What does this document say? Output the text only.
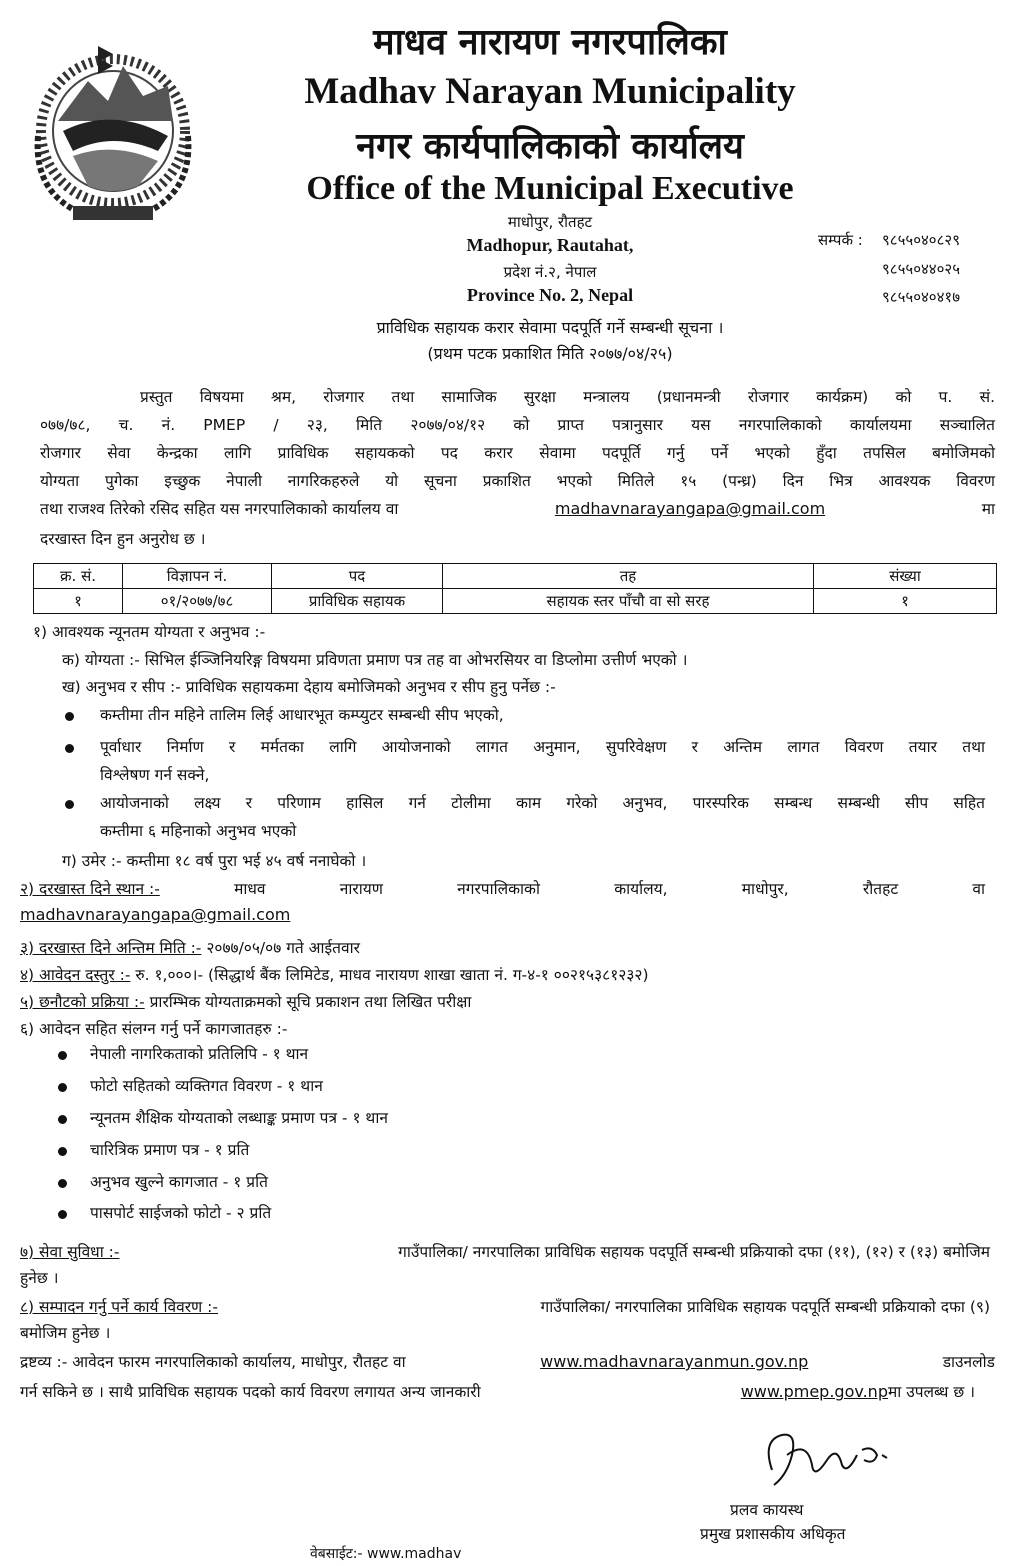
माधव नारायण नगरपालिका
Madhav Narayan Municipality
नगर कार्यपालिकाको कार्यालय
Office of the Municipal Executive
माधोपुर, रौतहट
Madhopur, Rautahat,
प्रदेश नं.२, नेपाल
Province No. 2, Nepal
सम्पर्क : ९८५५०४०८२९
९८५५०४४०२५
९८५५०४०४१७
प्राविधिक सहायक करार सेवामा पदपूर्ति गर्ने सम्बन्धी सूचना ।
(प्रथम पटक प्रकाशित मिति २०७७/०४/२५)
प्रस्तुत विषयमा श्रम, रोजगार तथा सामाजिक सुरक्षा मन्त्रालय (प्रधानमन्त्री रोजगार कार्यक्रम) को प. सं.
०७७/७८, च. नं. PMEP / २३, मिति २०७७/०४/१२ को प्राप्त पत्रानुसार यस नगरपालिकाको कार्यालयमा सञ्चालित
रोजगार सेवा केन्द्रका लागि प्राविधिक सहायकको पद करार सेवामा पदपूर्ति गर्नु पर्ने भएको हुँदा तपसिल बमोजिमको
योग्यता पुगेका इच्छुक नेपाली नागरिकहरुले यो सूचना प्रकाशित भएको मितिले १५ (पन्ध्र) दिन भित्र आवश्यक विवरण
तथा राजश्व तिरेको रसिद सहित यस नगरपालिकाको कार्यालय वा	madhavnarayangapa@gmail.com	मा
दरखास्त दिन हुन अनुरोध छ ।
क्र. सं.	विज्ञापन नं.	पद	तह	संख्या
१	०१/२०७७/७८	प्राविधिक सहायक	सहायक स्तर पाँचौ वा सो सरह	१
१) आवश्यक न्यूनतम योग्यता र अनुभव :-
क) योग्यता :- सिभिल ईञ्जिनियरिङ्ग विषयमा प्रविणता प्रमाण पत्र तह वा ओभरसियर वा डिप्लोमा उत्तीर्ण भएको ।
ख) अनुभव र सीप :- प्राविधिक सहायकमा देहाय बमोजिमको अनुभव र सीप हुनु पर्नेछ :-
कम्तीमा तीन महिने तालिम लिई आधारभूत कम्प्युटर सम्बन्धी सीप भएको,
पूर्वाधार निर्माण र मर्मतका लागि आयोजनाको लागत अनुमान, सुपरिवेक्षण र अन्तिम लागत विवरण तयार तथा
विश्लेषण गर्न सक्ने,
आयोजनाको लक्ष्य र परिणाम हासिल गर्न टोलीमा काम गरेको अनुभव, पारस्परिक सम्बन्ध सम्बन्धी सीप सहित
कम्तीमा ६ महिनाको अनुभव भएको
ग) उमेर :- कम्तीमा १८ वर्ष पुरा भई ४५ वर्ष ननाघेको ।
२) दरखास्त दिने स्थान :-	माधव	नारायण	नगरपालिकाको	कार्यालय,	माधोपुर,	रौतहट	वा
madhavnarayangapa@gmail.com
३) दरखास्त दिने अन्तिम मिति :- २०७७/०५/०७ गते आईतवार
४) आवेदन दस्तुर :- रु. १,०००।- (सिद्धार्थ बैंक लिमिटेड, माधव नारायण शाखा खाता नं. ग-४-१ ००२१५३८१२३२)
५) छनौटको प्रक्रिया :- प्रारम्भिक योग्यताक्रमको सूचि प्रकाशन तथा लिखित परीक्षा
६) आवेदन सहित संलग्न गर्नु पर्ने कागजातहरु :-
नेपाली नागरिकताको प्रतिलिपि - १ थान
फोटो सहितको व्यक्तिगत विवरण - १ थान
न्यूनतम शैक्षिक योग्यताको लब्धाङ्क प्रमाण पत्र - १ थान
चारित्रिक प्रमाण पत्र - १ प्रति
अनुभव खुल्ने कागजात - १ प्रति
पासपोर्ट साईजको फोटो - २ प्रति
७) सेवा सुविधा :-	गाउँपालिका/ नगरपालिका प्राविधिक सहायक पदपूर्ति सम्बन्धी प्रक्रियाको दफा (११), (१२) र (१३) बमोजिम
हुनेछ ।
८) सम्पादन गर्नु पर्ने कार्य विवरण :-	गाउँपालिका/ नगरपालिका प्राविधिक सहायक पदपूर्ति सम्बन्धी प्रक्रियाको दफा (९)
बमोजिम हुनेछ ।
द्रष्टव्य :- आवेदन फारम नगरपालिकाको कार्यालय, माधोपुर, रौतहट वा	www.madhavnarayanmun.gov.np	डाउनलोड
गर्न सकिने छ । साथै प्राविधिक सहायक पदको कार्य विवरण लगायत अन्य जानकारी	www.pmep.gov.npमा उपलब्ध छ ।
प्रलव कायस्थ
प्रमुख प्रशासकीय अधिकृत
वेबसाईट:- www.madhav
